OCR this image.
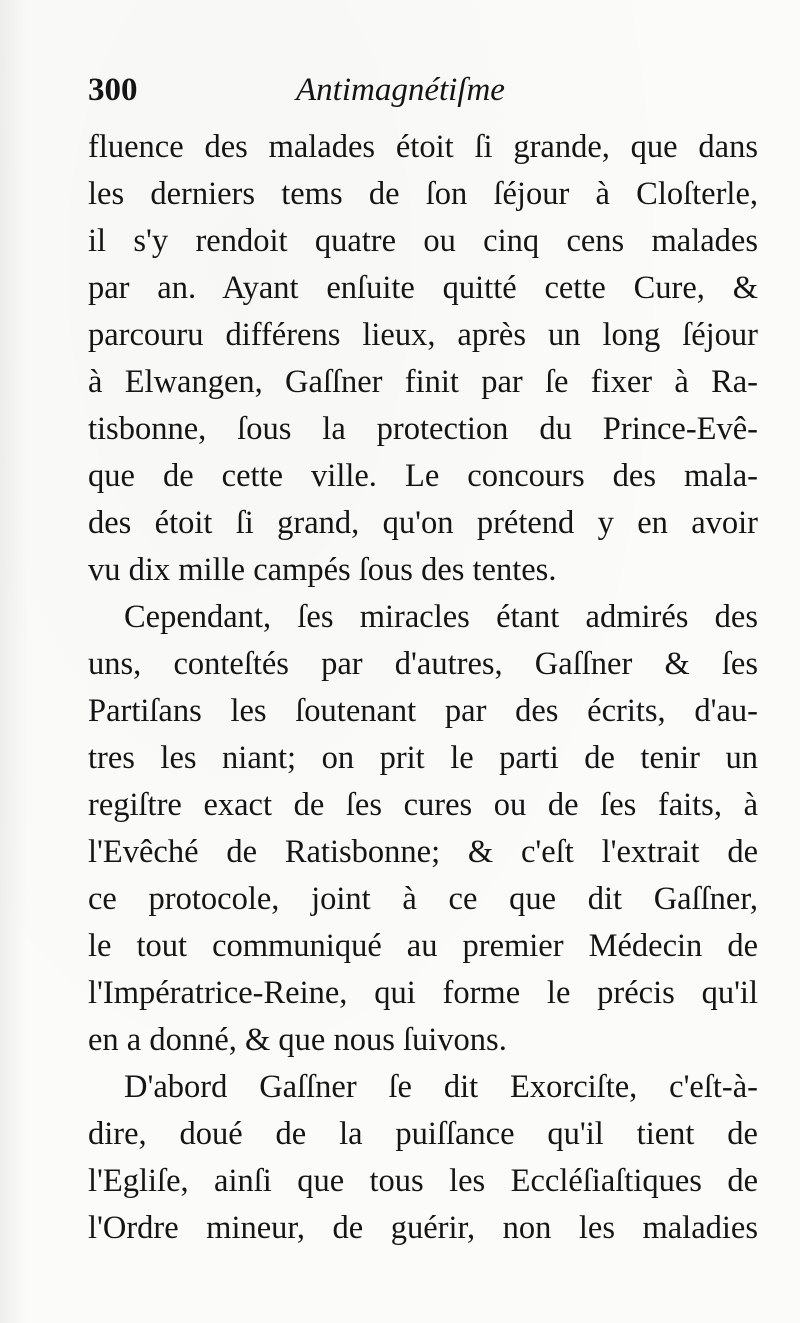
300	Antimagnétiſme
fluence des malades étoit ſi grande, que dans
les derniers tems de ſon ſéjour à Cloſterle,
il s'y rendoit quatre ou cinq cens malades
par an. Ayant enſuite quitté cette Cure, &
parcouru différens lieux, après un long ſéjour
à Elwangen, Gaſſner finit par ſe fixer à Ra-
tisbonne, ſous la protection du Prince-Evê-
que de cette ville. Le concours des mala-
des étoit ſi grand, qu'on prétend y en avoir
vu dix mille campés ſous des tentes.
Cependant, ſes miracles étant admirés des
uns, conteſtés par d'autres, Gaſſner & ſes
Partiſans les ſoutenant par des écrits, d'au-
tres les niant; on prit le parti de tenir un
regiſtre exact de ſes cures ou de ſes faits, à
l'Evêché de Ratisbonne; & c'eſt l'extrait de
ce protocole, joint à ce que dit Gaſſner,
le tout communiqué au premier Médecin de
l'Impératrice-Reine, qui forme le précis qu'il
en a donné, & que nous ſuivons.
D'abord Gaſſner ſe dit Exorciſte, c'eſt-à-
dire, doué de la puiſſance qu'il tient de
l'Egliſe, ainſi que tous les Eccléſiaſtiques de
l'Ordre mineur, de guérir, non les maladies
